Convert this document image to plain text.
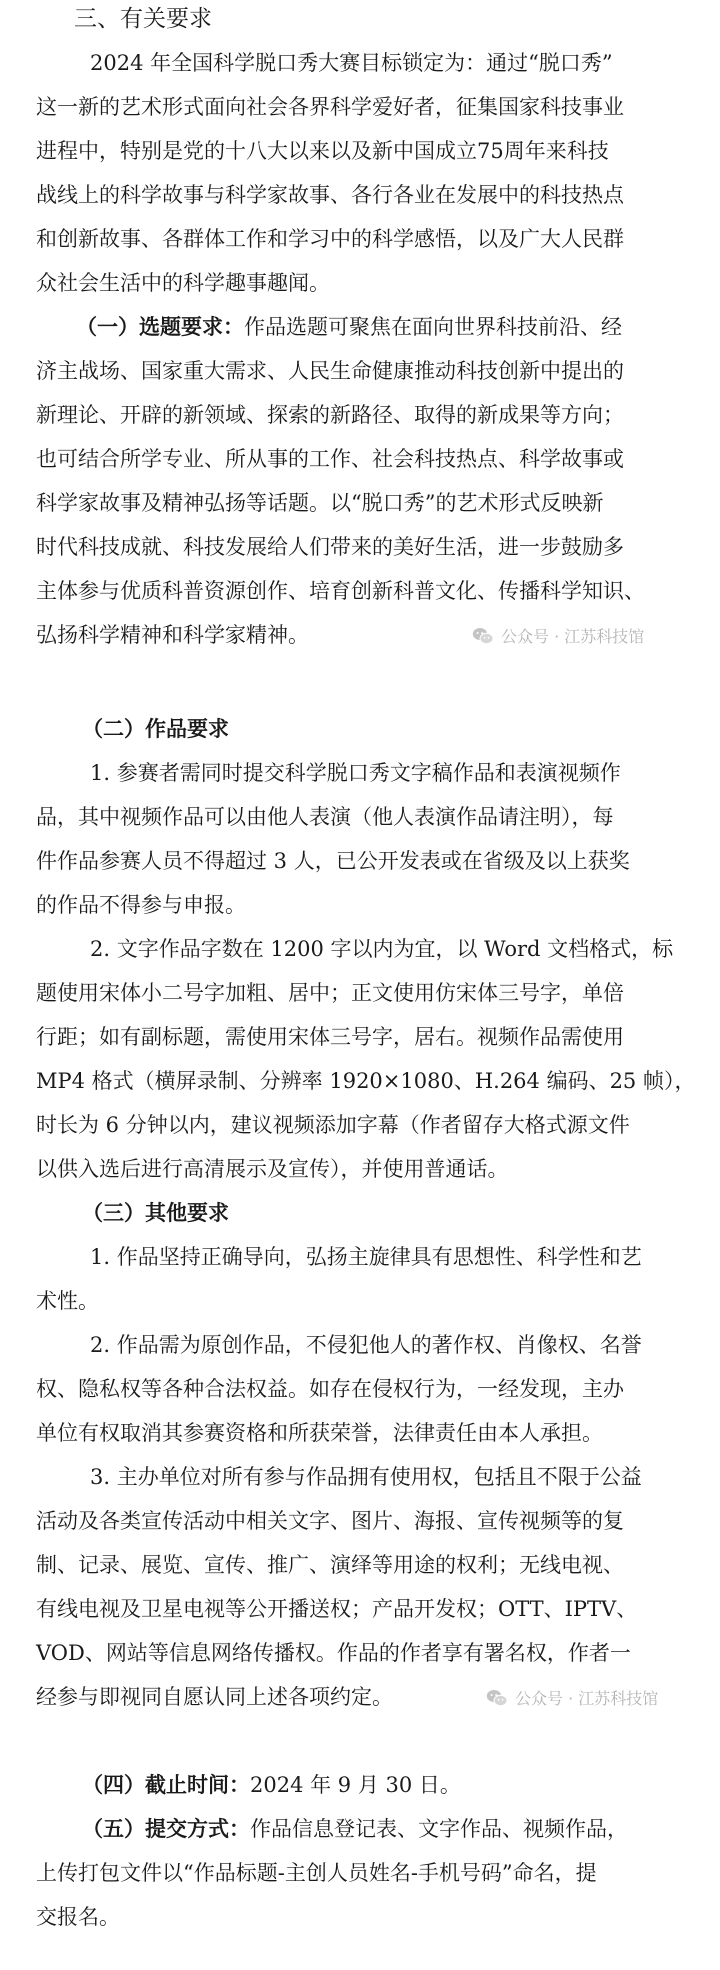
三、有关要求
2024 年全国科学脱口秀大赛目标锁定为：通过“脱口秀”
这一新的艺术形式面向社会各界科学爱好者，征集国家科技事业
进程中，特别是党的十八大以来以及新中国成立75周年来科技
战线上的科学故事与科学家故事、各行各业在发展中的科技热点
和创新故事、各群体工作和学习中的科学感悟，以及广大人民群
众社会生活中的科学趣事趣闻。
（一）选题要求：作品选题可聚焦在面向世界科技前沿、经
济主战场、国家重大需求、人民生命健康推动科技创新中提出的
新理论、开辟的新领域、探索的新路径、取得的新成果等方向；
也可结合所学专业、所从事的工作、社会科技热点、科学故事或
科学家故事及精神弘扬等话题。以“脱口秀”的艺术形式反映新
时代科技成就、科技发展给人们带来的美好生活，进一步鼓励多
主体参与优质科普资源创作、培育创新科普文化、传播科学知识、
弘扬科学精神和科学家精神。	公众号 · 江苏科技馆
（二）作品要求
1. 参赛者需同时提交科学脱口秀文字稿作品和表演视频作
品，其中视频作品可以由他人表演（他人表演作品请注明），每
件作品参赛人员不得超过 3 人，已公开发表或在省级及以上获奖
的作品不得参与申报。
2. 文字作品字数在 1200 字以内为宜，以 Word 文档格式，标
题使用宋体小二号字加粗、居中；正文使用仿宋体三号字，单倍
行距；如有副标题，需使用宋体三号字，居右。视频作品需使用
MP4 格式（横屏录制、分辨率 1920×1080、H.264 编码、25 帧），
时长为 6 分钟以内，建议视频添加字幕（作者留存大格式源文件
以供入选后进行高清展示及宣传），并使用普通话。
（三）其他要求
1. 作品坚持正确导向，弘扬主旋律具有思想性、科学性和艺
术性。
2. 作品需为原创作品，不侵犯他人的著作权、肖像权、名誉
权、隐私权等各种合法权益。如存在侵权行为，一经发现，主办
单位有权取消其参赛资格和所获荣誉，法律责任由本人承担。
3. 主办单位对所有参与作品拥有使用权，包括且不限于公益
活动及各类宣传活动中相关文字、图片、海报、宣传视频等的复
制、记录、展览、宣传、推广、演绎等用途的权利；无线电视、
有线电视及卫星电视等公开播送权；产品开发权；OTT、IPTV、
VOD、网站等信息网络传播权。作品的作者享有署名权，作者一
经参与即视同自愿认同上述各项约定。	公众号 · 江苏科技馆
（四）截止时间：2024 年 9 月 30 日。
（五）提交方式：作品信息登记表、文字作品、视频作品，
上传打包文件以“作品标题-主创人员姓名-手机号码”命名，提
交报名。
